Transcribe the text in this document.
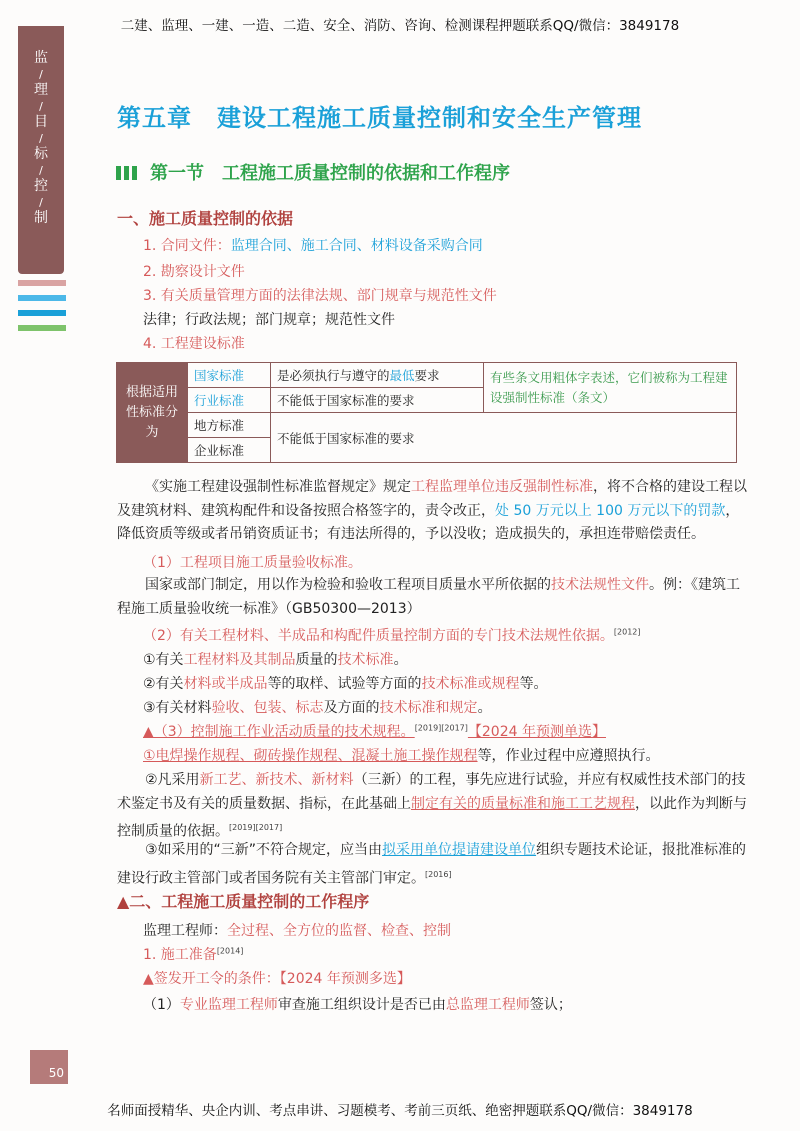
二建、监理、一建、一造、二造、安全、消防、咨询、检测课程押题联系QQ/微信：3849178
名师面授精华、央企内训、考点串讲、习题模考、考前三页纸、绝密押题联系QQ/微信：3849178
监
/
理
/
目
/
标
/
控
/
制
第五章　建设工程施工质量控制和安全生产管理
第一节　工程施工质量控制的依据和工作程序
一、施工质量控制的依据
1. 合同文件：监理合同、施工合同、材料设备采购合同
2. 勘察设计文件
3. 有关质量管理方面的法律法规、部门规章与规范性文件
法律；行政法规；部门规章；规范性文件
4. 工程建设标准
根据适用性标准分为	国家标准	是必须执行与遵守的最低要求	有些条文用粗体字表述，它们被称为工程建设强制性标准（条文）
	行业标准	不能低于国家标准的要求	
	地方标准	不能低于国家标准的要求	
	企业标准		
《实施工程建设强制性标准监督规定》规定工程监理单位违反强制性标准，将不合格的建设工程以及建筑材料、建筑构配件和设备按照合格签字的，责令改正，处 50 万元以上 100 万元以下的罚款，降低资质等级或者吊销资质证书；有违法所得的，予以没收；造成损失的，承担连带赔偿责任。
（1）工程项目施工质量验收标准。
国家或部门制定，用以作为检验和验收工程项目质量水平所依据的技术法规性文件。例：《建筑工程施工质量验收统一标准》（GB50300—2013）
（2）有关工程材料、半成品和构配件质量控制方面的专门技术法规性依据。[2012]
①有关工程材料及其制品质量的技术标准。
②有关材料或半成品等的取样、试验等方面的技术标准或规程等。
③有关材料验收、包装、标志及方面的技术标准和规定。
▲（3）控制施工作业活动质量的技术规程。[2019][2017]【2024 年预测单选】
①电焊操作规程、砌砖操作规程、混凝土施工操作规程等，作业过程中应遵照执行。
②凡采用新工艺、新技术、新材料（三新）的工程，事先应进行试验，并应有权威性技术部门的技术鉴定书及有关的质量数据、指标，在此基础上制定有关的质量标准和施工工艺规程，以此作为判断与控制质量的依据。[2019][2017]
③如采用的“三新”不符合规定，应当由拟采用单位提请建设单位组织专题技术论证，报批准标准的建设行政主管部门或者国务院有关主管部门审定。[2016]
▲二、工程施工质量控制的工作程序
监理工程师：全过程、全方位的监督、检查、控制
1. 施工准备[2014]
▲签发开工令的条件：【2024 年预测多选】
（1）专业监理工程师审查施工组织设计是否已由总监理工程师签认；
50
